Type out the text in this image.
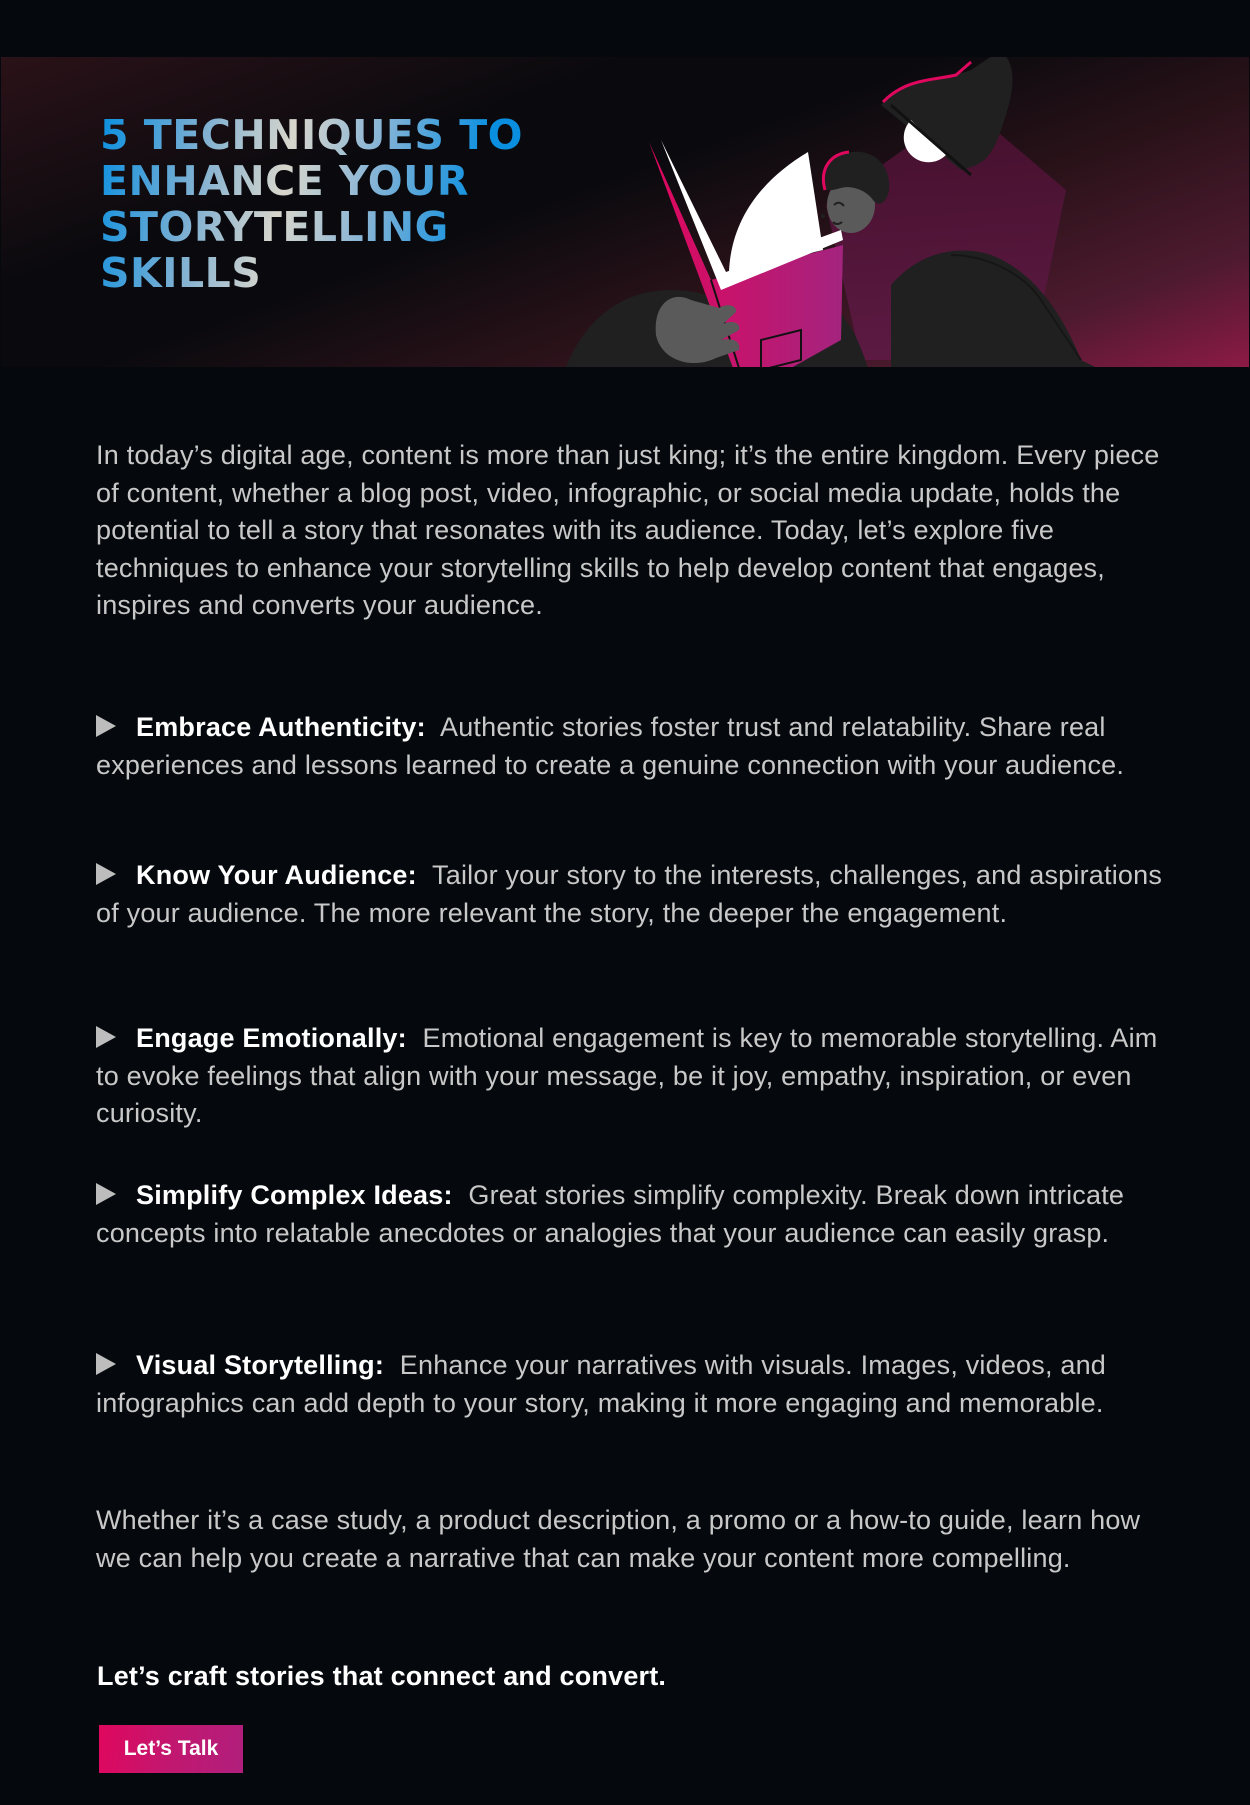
5 TECHNIQUES TO
ENHANCE YOUR
STORYTELLING
SKILLS

In today’s digital age, content is more than just king; it’s the entire kingdom. Every piece of content, whether a blog post, video, infographic, or social media update, holds the potential to tell a story that resonates with its audience. Today, let’s explore five techniques to enhance your storytelling skills to help develop content that engages, inspires and converts your audience.

Embrace Authenticity: Authentic stories foster trust and relatability. Share real experiences and lessons learned to create a genuine connection with your audience.
Know Your Audience: Tailor your story to the interests, challenges, and aspirations of your audience. The more relevant the story, the deeper the engagement.
Engage Emotionally: Emotional engagement is key to memorable storytelling. Aim to evoke feelings that align with your message, be it joy, empathy, inspiration, or even curiosity.
Simplify Complex Ideas: Great stories simplify complexity. Break down intricate concepts into relatable anecdotes or analogies that your audience can easily grasp.
Visual Storytelling: Enhance your narratives with visuals. Images, videos, and infographics can add depth to your story, making it more engaging and memorable.

Whether it’s a case study, a product description, a promo or a how-to guide, learn how we can help you create a narrative that can make your content more compelling.

Let’s craft stories that connect and convert.
Let’s Talk
